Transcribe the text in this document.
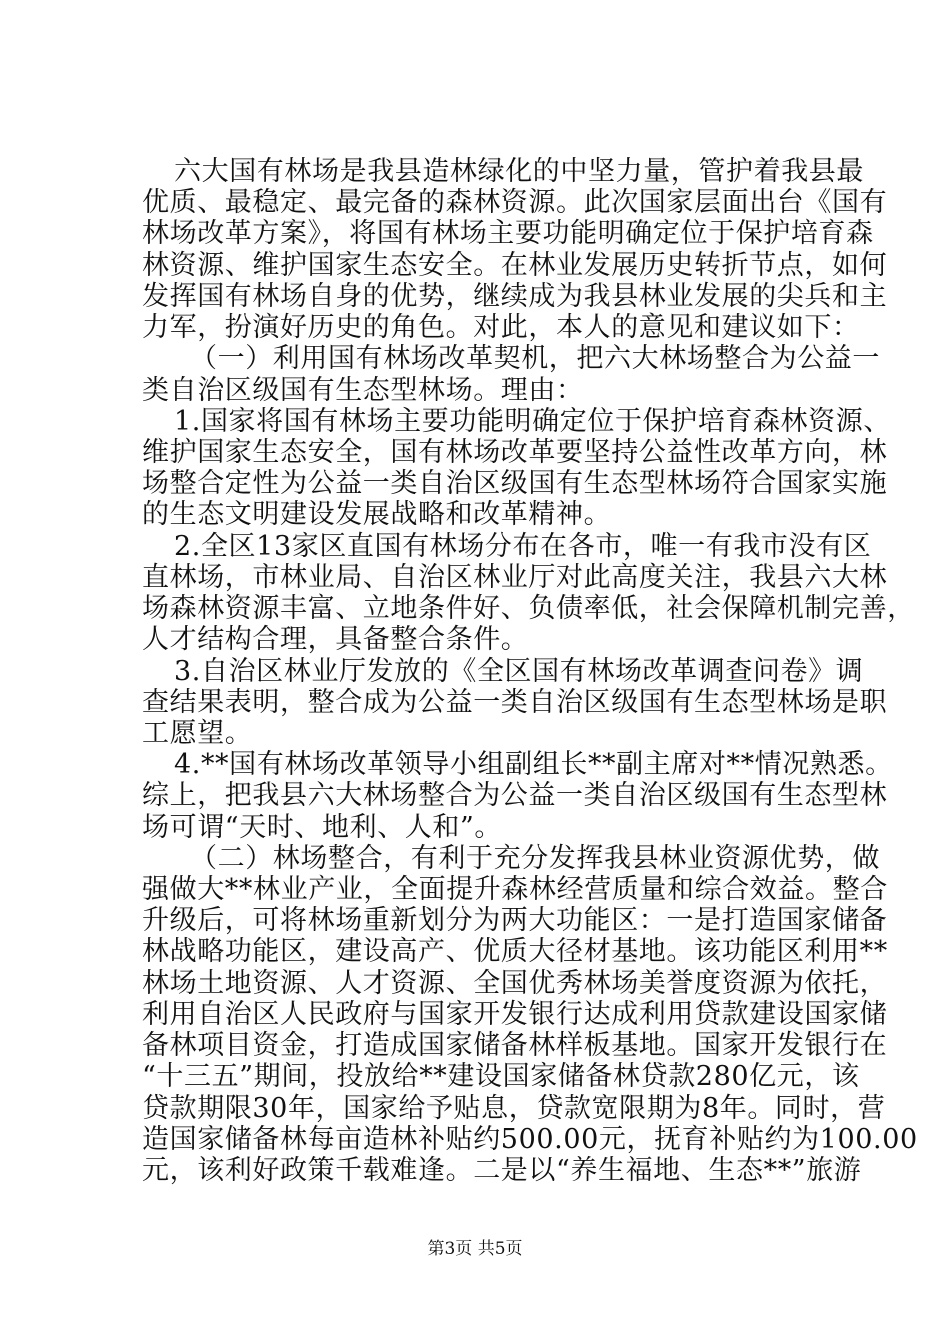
六大国有林场是我县造林绿化的中坚力量，管护着我县最
优质、最稳定、最完备的森林资源。此次国家层面出台《国有
林场改革方案》，将国有林场主要功能明确定位于保护培育森
林资源、维护国家生态安全。在林业发展历史转折节点，如何
发挥国有林场自身的优势，继续成为我县林业发展的尖兵和主
力军，扮演好历史的角色。对此，本人的意见和建议如下：
（一）利用国有林场改革契机，把六大林场整合为公益一
类自治区级国有生态型林场。理由：
1.国家将国有林场主要功能明确定位于保护培育森林资源、
维护国家生态安全，国有林场改革要坚持公益性改革方向，林
场整合定性为公益一类自治区级国有生态型林场符合国家实施
的生态文明建设发展战略和改革精神。
2.全区13家区直国有林场分布在各市，唯一有我市没有区
直林场，市林业局、自治区林业厅对此高度关注，我县六大林
场森林资源丰富、立地条件好、负债率低，社会保障机制完善，
人才结构合理，具备整合条件。
3.自治区林业厅发放的《全区国有林场改革调查问卷》调
查结果表明，整合成为公益一类自治区级国有生态型林场是职
工愿望。
4.**国有林场改革领导小组副组长**副主席对**情况熟悉。
综上，把我县六大林场整合为公益一类自治区级国有生态型林
场可谓“天时、地利、人和”。
（二）林场整合，有利于充分发挥我县林业资源优势，做
强做大**林业产业，全面提升森林经营质量和综合效益。整合
升级后，可将林场重新划分为两大功能区：一是打造国家储备
林战略功能区，建设高产、优质大径材基地。该功能区利用**
林场土地资源、人才资源、全国优秀林场美誉度资源为依托，
利用自治区人民政府与国家开发银行达成利用贷款建设国家储
备林项目资金，打造成国家储备林样板基地。国家开发银行在
“十三五”期间，投放给**建设国家储备林贷款280亿元，该
贷款期限30年，国家给予贴息，贷款宽限期为8年。同时，营
造国家储备林每亩造林补贴约500.00元，抚育补贴约为100.00
元，该利好政策千载难逢。二是以“养生福地、生态**”旅游
第3页 共5页
